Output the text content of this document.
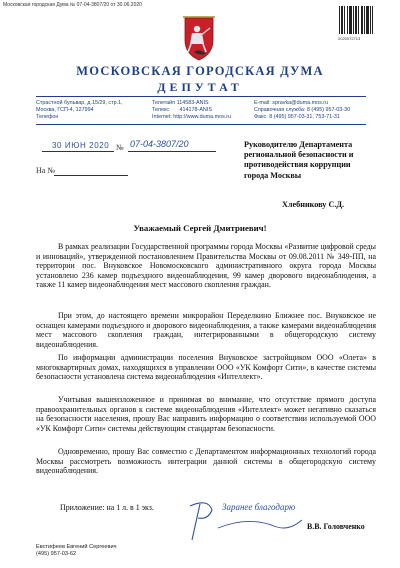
Московская городская Дума № 07-04-3807/20 от 30.06.2020
2020072713
МОСКОВСКАЯ ГОРОДСКАЯ ДУМА
ДЕПУТАТ
Страстной бульвар, д.15/29, стр.1,
Москва, ГСП-4, 127994
Телефон
Телетайп 114583-ANIS
Телекс       414178-ANIS
Internet: http://www.duma.mos.ru
E-mail: spravka@duma.mos.ru
Справочная служба: 8 (495) 957-03-30
Факс: 8 (495) 957-03-31, 753-71-31
30 ИЮН 2020 № 07-04-3807/20
На №
Руководителю Департамента региональной безопасности и противодействия коррупции города Москвы
Хлебникову С.Д.
Уважаемый Сергей Дмитриевич!
В рамках реализации Государственной программы города Москвы «Развитие цифровой среды и инноваций», утвержденной постановлением Правительства Москвы от 09.08.2011 № 349-ПП, на территории пос. Внуковское Новомосковского административного округа города Москвы установлено 236 камер подъездного видеонаблюдения, 99 камер дворового видеонаблюдения, а также 11 камер видеонаблюдения мест массового скопления граждан.
При этом, до настоящего времени микрорайон Переделкино Ближнее пос. Внуковское не оснащен камерами подъездного и дворового видеонаблюдения, а также камерами видеонаблюдения мест массового скопления граждан, интегрированными в общегородскую систему видеонаблюдения.
По информации администрации поселения Внуковское застройщиком ООО «Олета» в многоквартирных домах, находящихся в управлении ООО «УК Комфорт Сити», в качестве системы безопасности установлена система видеонаблюдения «Интеллект».
Учитывая вышеизложенное и принимая во внимание, что отсутствие прямого доступа правоохранительных органов к системе видеонаблюдения «Интеллект» может негативно сказаться на безопасности населения, прошу Вас направить информацию о соответствии используемой ООО «УК Комфорт Сити» системы действующим стандартам безопасности.
Одновременно, прошу Вас совместно с Департаментом информационных технологий города Москвы рассмотреть возможность интеграции данной системы в общегородскую систему видеонаблюдения.
Приложение: на 1 л. в 1 экз.	Заранее благодарю
В.В. Головченко
Евстифеев Евгений Сергеевич
(495) 957-03-62
